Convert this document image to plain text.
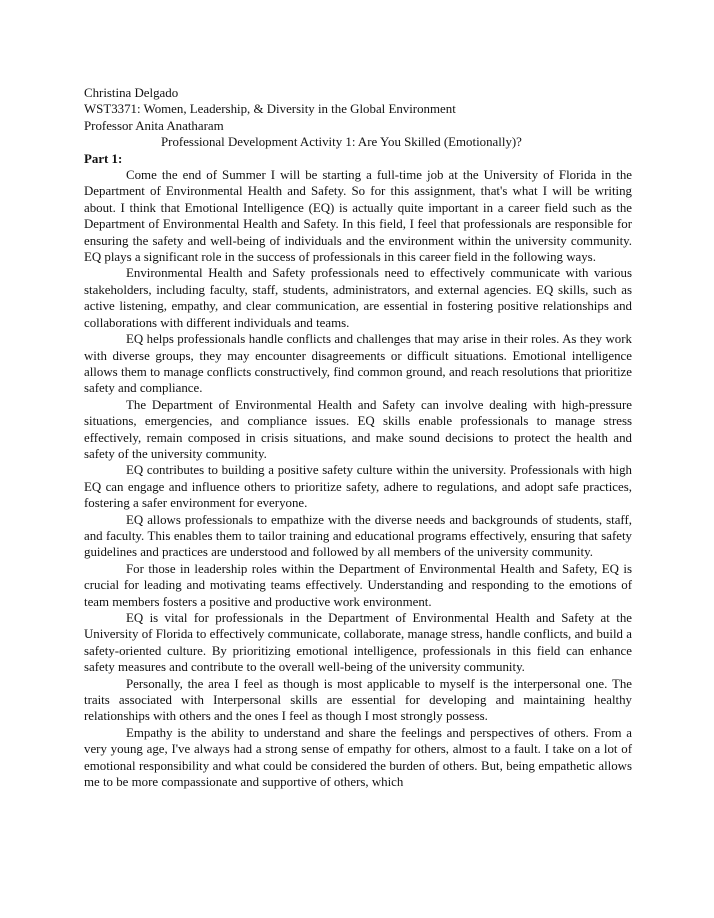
Christina Delgado
WST3371: Women, Leadership, & Diversity in the Global Environment
Professor Anita Anatharam
Professional Development Activity 1: Are You Skilled (Emotionally)?
Part 1:

Come the end of Summer I will be starting a full-time job at the University of Florida in the Department of Environmental Health and Safety. So for this assignment, that's what I will be writing about. I think that Emotional Intelligence (EQ) is actually quite important in a career field such as the Department of Environmental Health and Safety. In this field, I feel that professionals are responsible for ensuring the safety and well-being of individuals and the environment within the university community. EQ plays a significant role in the success of professionals in this career field in the following ways.

Environmental Health and Safety professionals need to effectively communicate with various stakeholders, including faculty, staff, students, administrators, and external agencies. EQ skills, such as active listening, empathy, and clear communication, are essential in fostering positive relationships and collaborations with different individuals and teams.

EQ helps professionals handle conflicts and challenges that may arise in their roles. As they work with diverse groups, they may encounter disagreements or difficult situations. Emotional intelligence allows them to manage conflicts constructively, find common ground, and reach resolutions that prioritize safety and compliance.

The Department of Environmental Health and Safety can involve dealing with high-pressure situations, emergencies, and compliance issues. EQ skills enable professionals to manage stress effectively, remain composed in crisis situations, and make sound decisions to protect the health and safety of the university community.

EQ contributes to building a positive safety culture within the university. Professionals with high EQ can engage and influence others to prioritize safety, adhere to regulations, and adopt safe practices, fostering a safer environment for everyone.

EQ allows professionals to empathize with the diverse needs and backgrounds of students, staff, and faculty. This enables them to tailor training and educational programs effectively, ensuring that safety guidelines and practices are understood and followed by all members of the university community.

For those in leadership roles within the Department of Environmental Health and Safety, EQ is crucial for leading and motivating teams effectively. Understanding and responding to the emotions of team members fosters a positive and productive work environment.

EQ is vital for professionals in the Department of Environmental Health and Safety at the University of Florida to effectively communicate, collaborate, manage stress, handle conflicts, and build a safety-oriented culture. By prioritizing emotional intelligence, professionals in this field can enhance safety measures and contribute to the overall well-being of the university community.

Personally, the area I feel as though is most applicable to myself is the interpersonal one. The traits associated with Interpersonal skills are essential for developing and maintaining healthy relationships with others and the ones I feel as though I most strongly possess.

Empathy is the ability to understand and share the feelings and perspectives of others. From a very young age, I've always had a strong sense of empathy for others, almost to a fault. I take on a lot of emotional responsibility and what could be considered the burden of others. But, being empathetic allows me to be more compassionate and supportive of others, which
